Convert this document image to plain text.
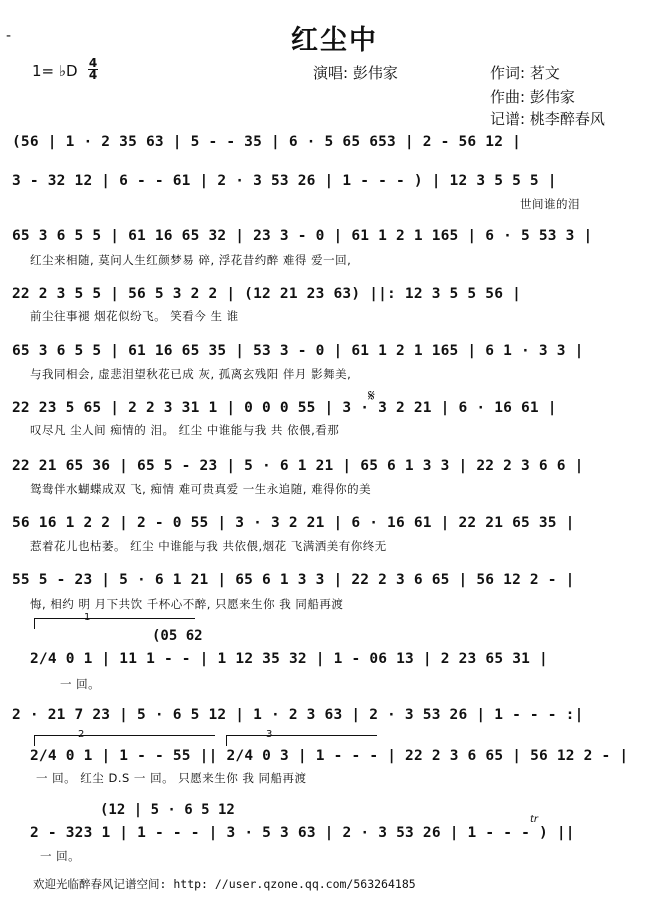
-	红尘中
1= ♭D 4
4	演唱: 彭伟家	作词: 茗文
作曲: 彭伟家
记谱: 桃李醉春风
(56 | 1 · 2 35 63 | 5 - - 35 | 6 · 5 65 653 | 2 - 56 12 |
3 - 32 12 | 6 - - 61 | 2 · 3 53 26 | 1 - - - ) | 12 3 5 5 5 |
世间谁的泪
65 3 6 5 5 | 61 16 65 32 | 23 3 - 0 | 61 1 2 1 165 | 6 · 5 53 3 |
红尘来相随, 莫问人生红颜梦易 碎, 浮花昔约醉 难得 爱一回,
22 2 3 5 5 | 56 5 3 2 2 | (12 21 23 63) ||: 12 3 5 5 56 |
前尘往事褪 烟花似纷飞。 笑看今 生 谁
65 3 6 5 5 | 61 16 65 35 | 53 3 - 0 | 61 1 2 1 165 | 6 1 · 3 3 |
与我同相会, 虚悲泪望秋花已成 灰, 孤离玄残阳 伴月 影舞美,
𝄋
22 23 5 65 | 2 2 3 31 1 | 0 0 0 55 | 3 · 3 2 21 | 6 · 16 61 |
叹尽凡 尘人间 痴情的 泪。 红尘 中谁能与我 共 依偎,看那
22 21 65 36 | 65 5 - 23 | 5 · 6 1 21 | 65 6 1 3 3 | 22 2 3 6 6 |
鸳鸯伴水蝴蝶成双 飞, 痴情 难可贵真爱 一生永追随, 难得你的美
56 16 1 2 2 | 2 - 0 55 | 3 · 3 2 21 | 6 · 16 61 | 22 21 65 35 |
惹着花儿也枯萎。 红尘 中谁能与我 共依偎,烟花 飞满洒美有你终无
55 5 - 23 | 5 · 6 1 21 | 65 6 1 3 3 | 22 2 3 6 65 | 56 12 2 - |
悔, 相约 明 月下共饮 千杯心不醉, 只愿来生你 我 同船再渡
1
(05 62
2/4 0 1 | 11 1 - - | 1 12 35 32 | 1 - 06 13 | 2 23 65 31 |
一 回。
2 · 21 7 23 | 5 · 6 5 12 | 1 · 2 3 63 | 2 · 3 53 26 | 1 - - - :|
2	3
2/4 0 1 | 1 - - 55 || 2/4 0 3 | 1 - - - | 22 2 3 6 65 | 56 12 2 - |
一 回。 红尘 D.S 一 回。 只愿来生你 我 同船再渡
(12 | 5 · 6 5 12
tr
2 - 323 1 | 1 - - - | 3 · 5 3 63 | 2 · 3 53 26 | 1 - - - ) ||
一 回。
欢迎光临醉春风记谱空间: http: //user.qzone.qq.com/563264185
